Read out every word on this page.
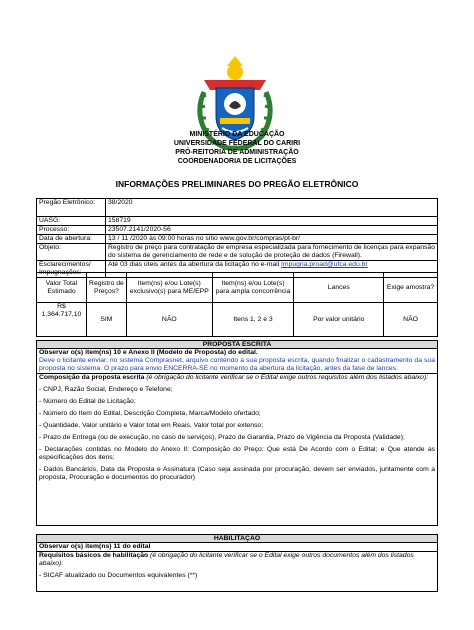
MINISTÉRIO DA EDUCAÇÃO
UNIVERSIDADE FEDERAL DO CARIRI
PRÓ-REITORIA DE ADMINISTRAÇÃO
COORDENADORIA DE LICITAÇÕES
INFORMAÇÕES PRELIMINARES DO PREGÃO ELETRÔNICO
Pregão Eletrônico:	38/2020
UASG:	158719
Processo:	23507.2141/2020-56
Data de abertura:	13 / 11 /2020 às 09:00 horas no sítio www.gov.br/compras/pt-br/
Objeto:	Registro de preço para contratação de empresa especializada para fornecimento de licenças para expansão do sistema de gerenciamento de rede e de solução de proteção de dados (Firewall).
Esclarecimentos/ Impugnações:	Até 03 dias úteis antes da abertura da licitação no e-mail Impugna.proad@ufca.edu.br
Valor Total Estimado	Registro de Preços?	Item(ns) e/ou Lote(s) exclusivo(s) para ME/EPP	Item(ns) e/ou Lote(s) para ampla concorrência	Lances	Exige amostra?
R$ 1.364.717,10	SIM	NÃO	Itens 1, 2 e 3	Por valor unitário	NÃO
PROPOSTA ESCRITA
Observar o(s) item(ns) 10 e Anexo II (Modelo de Proposta) do edital.
Deve o licitante enviar, no sistema Comprasnet, arquivo contendo a sua proposta escrita, quando finalizar o cadastramento da sua proposta no sistema. O prazo para envio ENCERRA-SE no momento da abertura da licitação, antes da fase de lances.

Composição da proposta escrita (é obrigação do licitante verificar se o Edital exige outros requisitos além dos listados abaixo):

- CNPJ, Razão Social, Endereço e Telefone;

- Número do Edital de Licitação;

- Número do Item do Edital, Descrição Completa, Marca/Modelo ofertado;

- Quantidade, Valor unitário e Valor total em Reais, Valor total por extenso;

- Prazo de Entrega (ou de execução, no caso de serviços), Prazo de Garantia, Prazo de Vigência da Proposta (Validade);

- Declarações contidas no Modelo do Anexo II: Composição do Preço; Que está De Acordo com o Edital; e Que atende as especificações dos itens;

- Dados Bancários, Data da Proposta e Assinatura (Caso seja assinada por procuração, devem ser enviados, juntamente com a proposta, Procuração e documentos do procurador)

HABILITAÇÃO
Observar o(s) item(ns) 11 do edital

Requisitos básicos de habilitação (é obrigação do licitante verificar se o Edital exige outros documentos além dos listados abaixo):

- SICAF atualizado ou Documentos equivalentes (**)
